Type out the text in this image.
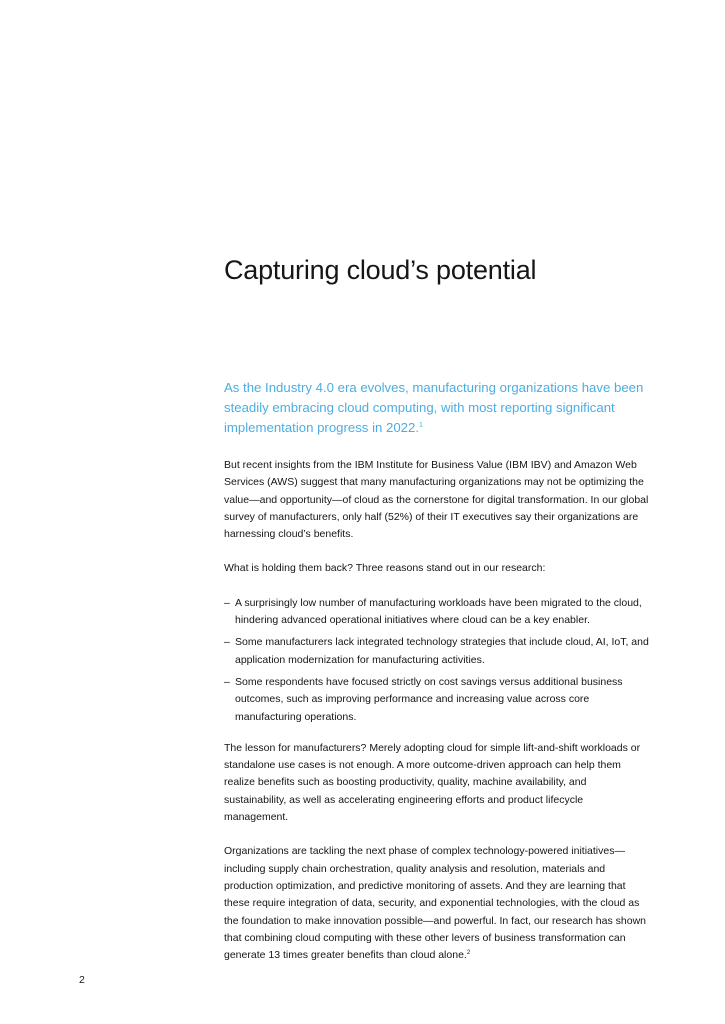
Capturing cloud’s potential

As the Industry 4.0 era evolves, manufacturing organizations have been steadily embracing cloud computing, with most reporting significant implementation progress in 2022.$^1$

But recent insights from the IBM Institute for Business Value (IBM IBV) and Amazon Web Services (AWS) suggest that many manufacturing organizations may not be optimizing the value—and opportunity—of cloud as the cornerstone for digital transformation. In our global survey of manufacturers, only half (52%) of their IT executives say their organizations are harnessing cloud’s benefits.

What is holding them back? Three reasons stand out in our research:

– A surprisingly low number of manufacturing workloads have been migrated to the cloud, hindering advanced operational initiatives where cloud can be a key enabler.
– Some manufacturers lack integrated technology strategies that include cloud, AI, IoT, and application modernization for manufacturing activities.
– Some respondents have focused strictly on cost savings versus additional business outcomes, such as improving performance and increasing value across core manufacturing operations.

The lesson for manufacturers? Merely adopting cloud for simple lift-and-shift workloads or standalone use cases is not enough. A more outcome-driven approach can help them realize benefits such as boosting productivity, quality, machine availability, and sustainability, as well as accelerating engineering efforts and product lifecycle management.

Organizations are tackling the next phase of complex technology-powered initiatives—including supply chain orchestration, quality analysis and resolution, materials and production optimization, and predictive monitoring of assets. And they are learning that these require integration of data, security, and exponential technologies, with the cloud as the foundation to make innovation possible—and powerful. In fact, our research has shown that combining cloud computing with these other levers of business transformation can generate 13 times greater benefits than cloud alone.$^2$

2
